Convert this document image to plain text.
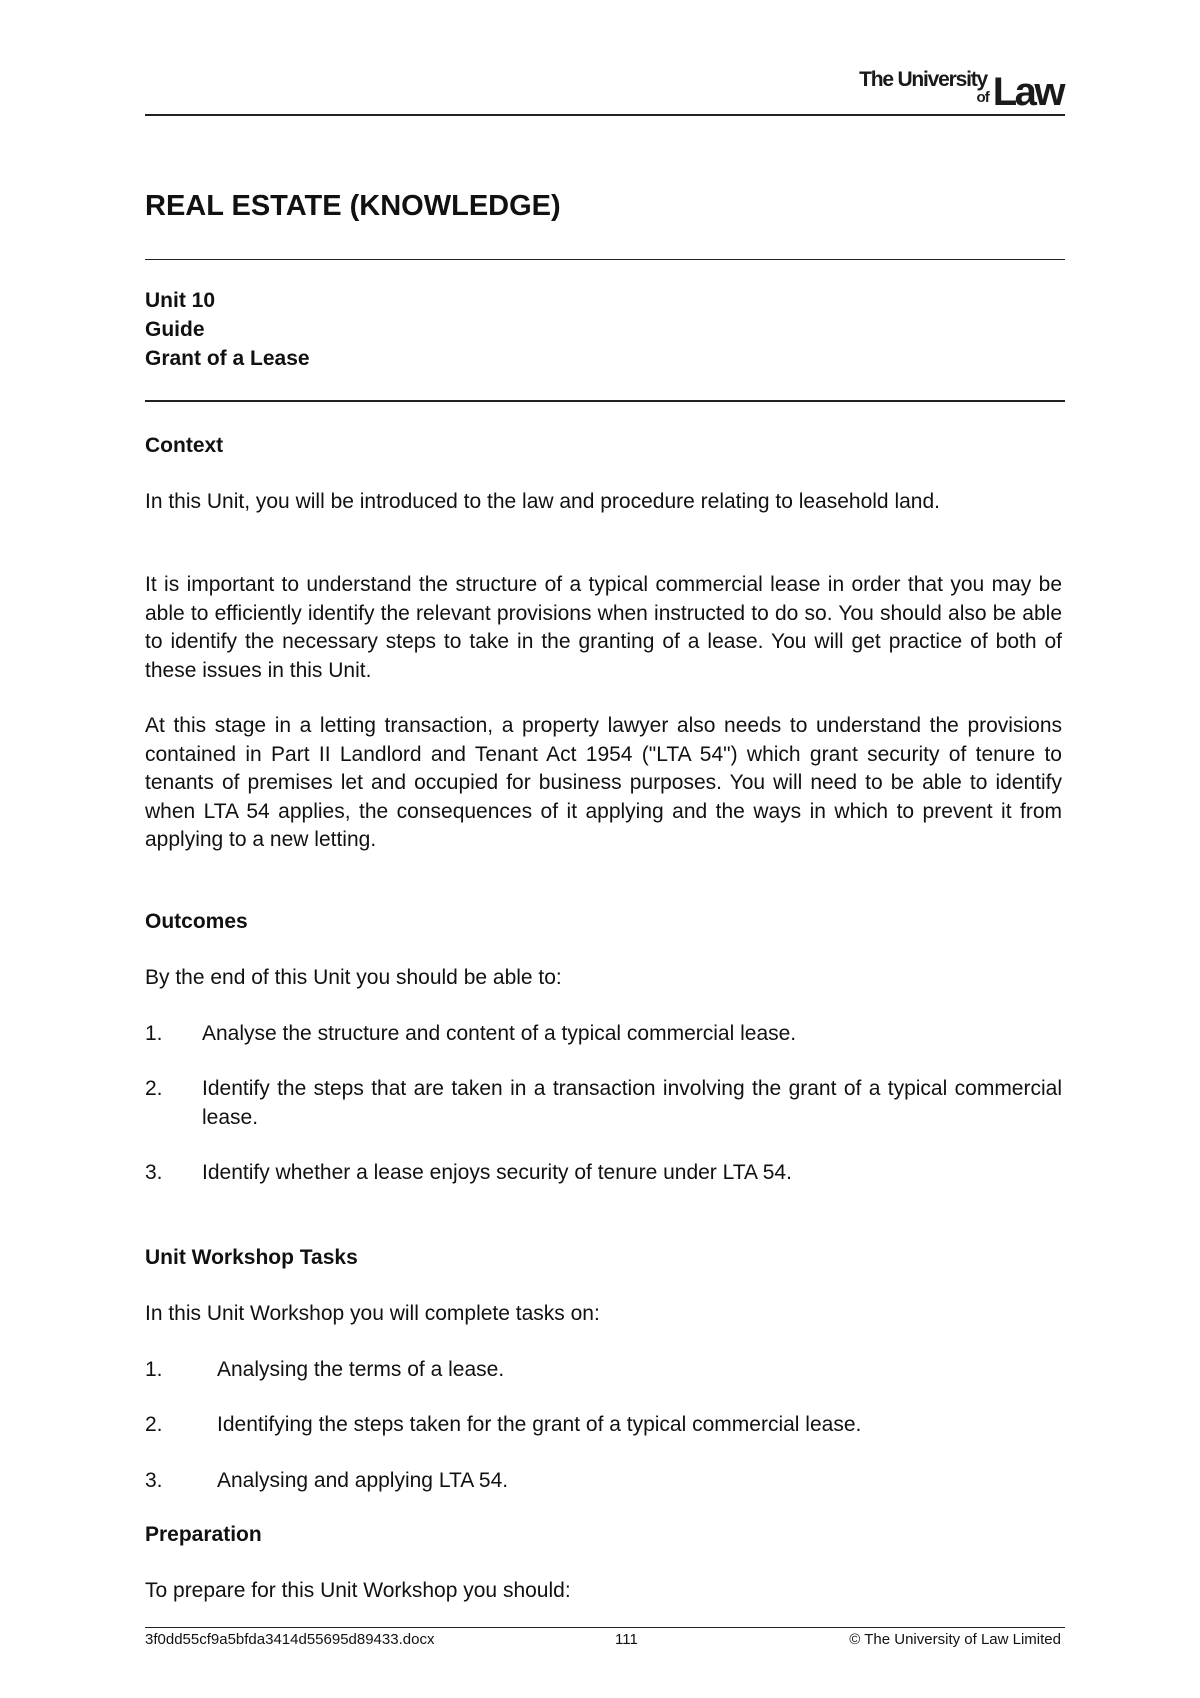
The University
of Law
REAL ESTATE (KNOWLEDGE)
Unit 10
Guide
Grant of a Lease
Context

In this Unit, you will be introduced to the law and procedure relating to leasehold land.

It is important to understand the structure of a typical commercial lease in order that you may be able to efficiently identify the relevant provisions when instructed to do so. You should also be able to identify the necessary steps to take in the granting of a lease. You will get practice of both of these issues in this Unit.

At this stage in a letting transaction, a property lawyer also needs to understand the provisions contained in Part II Landlord and Tenant Act 1954 ("LTA 54") which grant security of tenure to tenants of premises let and occupied for business purposes. You will need to be able to identify when LTA 54 applies, the consequences of it applying and the ways in which to prevent it from applying to a new letting.

Outcomes

By the end of this Unit you should be able to:

1. Analyse the structure and content of a typical commercial lease.
2. Identify the steps that are taken in a transaction involving the grant of a typical commercial lease.
3. Identify whether a lease enjoys security of tenure under LTA 54.
Unit Workshop Tasks

In this Unit Workshop you will complete tasks on:

1.	Analysing the terms of a lease.
2.	Identifying the steps taken for the grant of a typical commercial lease.
3.	Analysing and applying LTA 54.
Preparation

To prepare for this Unit Workshop you should:

3f0dd55cf9a5bfda3414d55695d89433.docx	111	© The University of Law Limited
